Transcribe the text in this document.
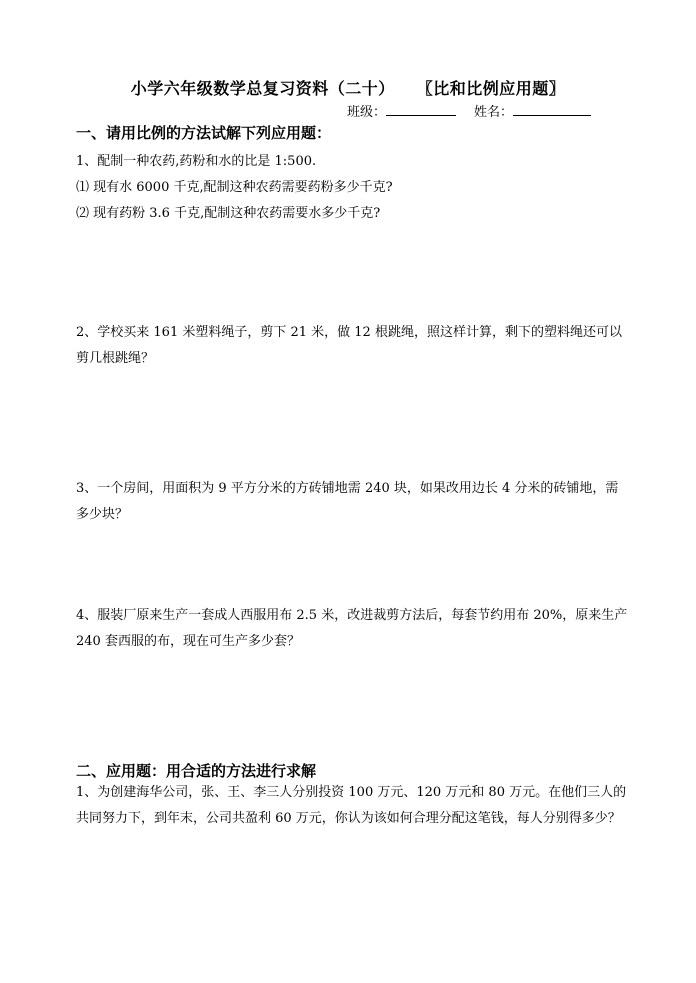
小学六年级数学总复习资料（二十） 〖比和比例应用题〗
班级：	姓名：
一、请用比例的方法试解下列应用题：
1、配制一种农药,药粉和水的比是 1:500.
⑴ 现有水 6000 千克,配制这种农药需要药粉多少千克?
⑵ 现有药粉 3.6 千克,配制这种农药需要水多少千克?
2、学校买来 161 米塑料绳子，剪下 21 米，做 12 根跳绳，照这样计算，剩下的塑料绳还可以剪几根跳绳？
3、一个房间，用面积为 9 平方分米的方砖铺地需 240 块，如果改用边长 4 分米的砖铺地，需多少块？
4、服装厂原来生产一套成人西服用布 2.5 米，改进裁剪方法后，每套节约用布 20%，原来生产 240 套西服的布，现在可生产多少套？
二、应用题：用合适的方法进行求解
1、为创建海华公司，张、王、李三人分别投资 100 万元、120 万元和 80 万元。在他们三人的共同努力下，到年末，公司共盈利 60 万元，你认为该如何合理分配这笔钱，每人分别得多少？
